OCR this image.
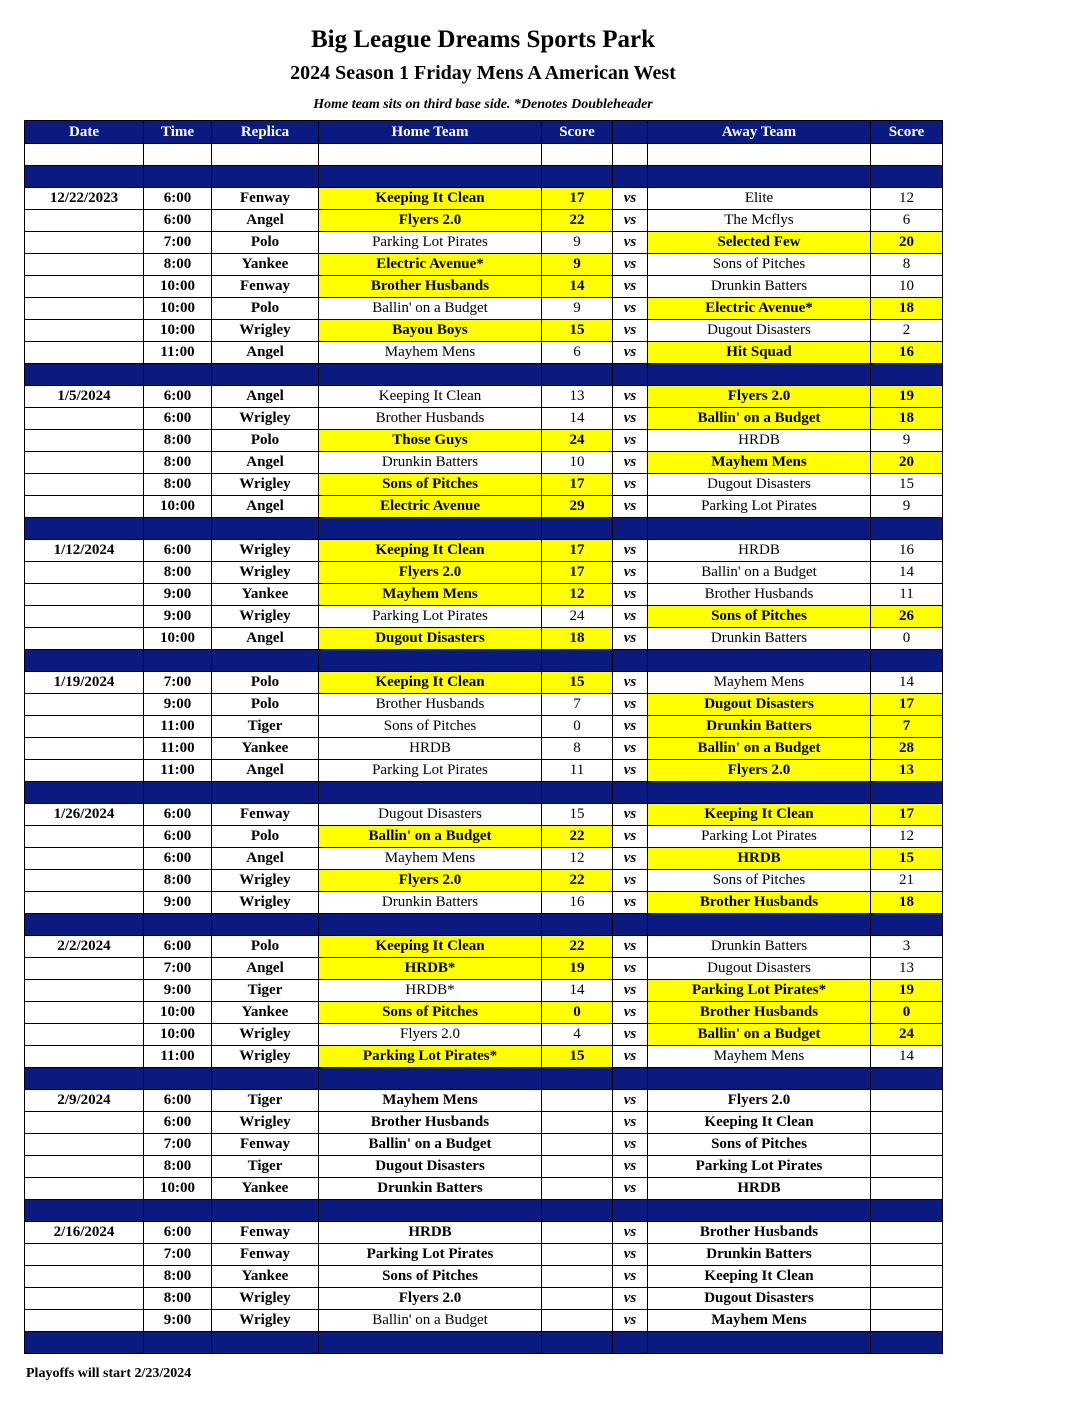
Big League Dreams Sports Park
2024 Season 1 Friday Mens A American West

Home team sits on third base side. *Denotes Doubleheader

Date	Time	Replica	Home Team	Score		Away Team	Score

12/22/2023	6:00	Fenway	Keeping It Clean	17	vs	Elite	12
	6:00	Angel	Flyers 2.0	22	vs	The Mcflys	6
	7:00	Polo	Parking Lot Pirates	9	vs	Selected Few	20
	8:00	Yankee	Electric Avenue*	9	vs	Sons of Pitches	8
	10:00	Fenway	Brother Husbands	14	vs	Drunkin Batters	10
	10:00	Polo	Ballin' on a Budget	9	vs	Electric Avenue*	18
	10:00	Wrigley	Bayou Boys	15	vs	Dugout Disasters	2
	11:00	Angel	Mayhem Mens	6	vs	Hit Squad	16

1/5/2024	6:00	Angel	Keeping It Clean	13	vs	Flyers 2.0	19
	6:00	Wrigley	Brother Husbands	14	vs	Ballin' on a Budget	18
	8:00	Polo	Those Guys	24	vs	HRDB	9
	8:00	Angel	Drunkin Batters	10	vs	Mayhem Mens	20
	8:00	Wrigley	Sons of Pitches	17	vs	Dugout Disasters	15
	10:00	Angel	Electric Avenue	29	vs	Parking Lot Pirates	9

1/12/2024	6:00	Wrigley	Keeping It Clean	17	vs	HRDB	16
	8:00	Wrigley	Flyers 2.0	17	vs	Ballin' on a Budget	14
	9:00	Yankee	Mayhem Mens	12	vs	Brother Husbands	11
	9:00	Wrigley	Parking Lot Pirates	24	vs	Sons of Pitches	26
	10:00	Angel	Dugout Disasters	18	vs	Drunkin Batters	0

1/19/2024	7:00	Polo	Keeping It Clean	15	vs	Mayhem Mens	14
	9:00	Polo	Brother Husbands	7	vs	Dugout Disasters	17
	11:00	Tiger	Sons of Pitches	0	vs	Drunkin Batters	7
	11:00	Yankee	HRDB	8	vs	Ballin' on a Budget	28
	11:00	Angel	Parking Lot Pirates	11	vs	Flyers 2.0	13

1/26/2024	6:00	Fenway	Dugout Disasters	15	vs	Keeping It Clean	17
	6:00	Polo	Ballin' on a Budget	22	vs	Parking Lot Pirates	12
	6:00	Angel	Mayhem Mens	12	vs	HRDB	15
	8:00	Wrigley	Flyers 2.0	22	vs	Sons of Pitches	21
	9:00	Wrigley	Drunkin Batters	16	vs	Brother Husbands	18

2/2/2024	6:00	Polo	Keeping It Clean	22	vs	Drunkin Batters	3
	7:00	Angel	HRDB*	19	vs	Dugout Disasters	13
	9:00	Tiger	HRDB*	14	vs	Parking Lot Pirates*	19
	10:00	Yankee	Sons of Pitches	0	vs	Brother Husbands	0
	10:00	Wrigley	Flyers 2.0	4	vs	Ballin' on a Budget	24
	11:00	Wrigley	Parking Lot Pirates*	15	vs	Mayhem Mens	14

2/9/2024	6:00	Tiger	Mayhem Mens		vs	Flyers 2.0	
	6:00	Wrigley	Brother Husbands		vs	Keeping It Clean	
	7:00	Fenway	Ballin' on a Budget		vs	Sons of Pitches	
	8:00	Tiger	Dugout Disasters		vs	Parking Lot Pirates	
	10:00	Yankee	Drunkin Batters		vs	HRDB	

2/16/2024	6:00	Fenway	HRDB		vs	Brother Husbands	
	7:00	Fenway	Parking Lot Pirates		vs	Drunkin Batters	
	8:00	Yankee	Sons of Pitches		vs	Keeping It Clean	
	8:00	Wrigley	Flyers 2.0		vs	Dugout Disasters	
	9:00	Wrigley	Ballin' on a Budget		vs	Mayhem Mens	

Playoffs will start 2/23/2024
